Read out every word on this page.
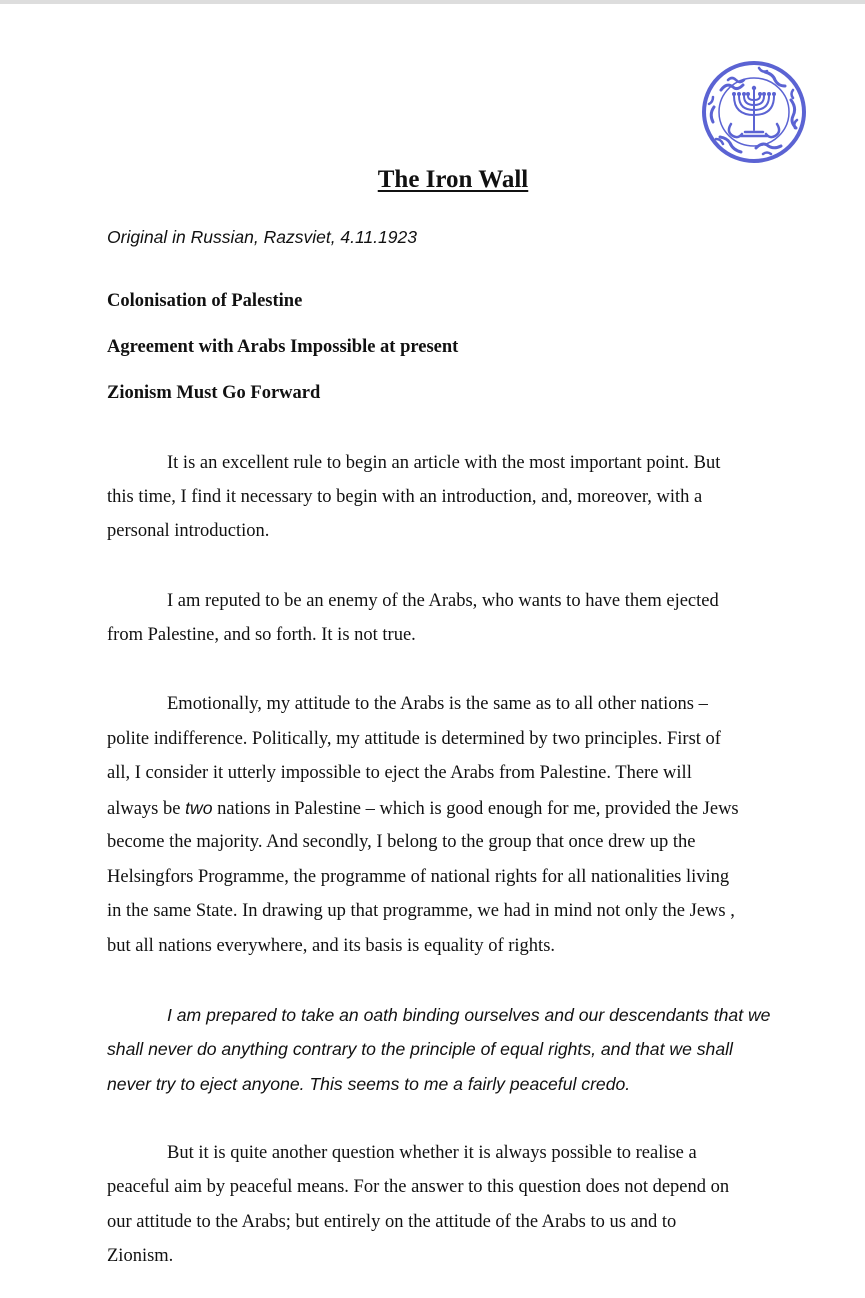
The Iron Wall
Original in Russian, Razsviet, 4.11.1923
Colonisation of Palestine
Agreement with Arabs Impossible at present
Zionism Must Go Forward
It is an excellent rule to begin an article with the most important point. But
this time, I find it necessary to begin with an introduction, and, moreover, with a
personal introduction.
I am reputed to be an enemy of the Arabs, who wants to have them ejected
from Palestine, and so forth. It is not true.
Emotionally, my attitude to the Arabs is the same as to all other nations –
polite indifference. Politically, my attitude is determined by two principles. First of
all, I consider it utterly impossible to eject the Arabs from Palestine. There will
always be two nations in Palestine – which is good enough for me, provided the Jews
become the majority. And secondly, I belong to the group that once drew up the
Helsingfors Programme, the programme of national rights for all nationalities living
in the same State. In drawing up that programme, we had in mind not only the Jews ,
but all nations everywhere, and its basis is equality of rights.
I am prepared to take an oath binding ourselves and our descendants that we
shall never do anything contrary to the principle of equal rights, and that we shall
never try to eject anyone. This seems to me a fairly peaceful credo.
But it is quite another question whether it is always possible to realise a
peaceful aim by peaceful means. For the answer to this question does not depend on
our attitude to the Arabs; but entirely on the attitude of the Arabs to us and to
Zionism.
